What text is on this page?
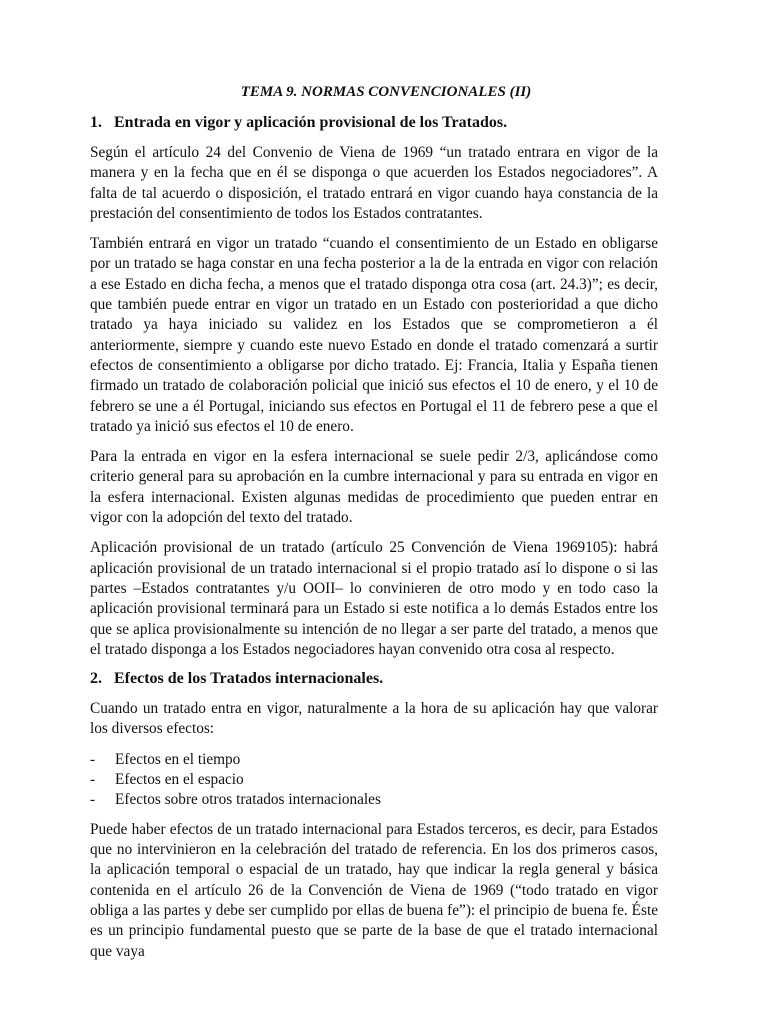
TEMA 9. NORMAS CONVENCIONALES (II)
1. Entrada en vigor y aplicación provisional de los Tratados.

Según el artículo 24 del Convenio de Viena de 1969 “un tratado entrara en vigor de la manera y en la fecha que en él se disponga o que acuerden los Estados negociadores”. A falta de tal acuerdo o disposición, el tratado entrará en vigor cuando haya constancia de la prestación del consentimiento de todos los Estados contratantes.

También entrará en vigor un tratado “cuando el consentimiento de un Estado en obligarse por un tratado se haga constar en una fecha posterior a la de la entrada en vigor con relación a ese Estado en dicha fecha, a menos que el tratado disponga otra cosa (art. 24.3)”; es decir, que también puede entrar en vigor un tratado en un Estado con posterioridad a que dicho tratado ya haya iniciado su validez en los Estados que se comprometieron a él anteriormente, siempre y cuando este nuevo Estado en donde el tratado comenzará a surtir efectos de consentimiento a obligarse por dicho tratado. Ej: Francia, Italia y España tienen firmado un tratado de colaboración policial que inició sus efectos el 10 de enero, y el 10 de febrero se une a él Portugal, iniciando sus efectos en Portugal el 11 de febrero pese a que el tratado ya inició sus efectos el 10 de enero.

Para la entrada en vigor en la esfera internacional se suele pedir 2/3, aplicándose como criterio general para su aprobación en la cumbre internacional y para su entrada en vigor en la esfera internacional. Existen algunas medidas de procedimiento que pueden entrar en vigor con la adopción del texto del tratado.

Aplicación provisional de un tratado (artículo 25 Convención de Viena 1969105): habrá aplicación provisional de un tratado internacional si el propio tratado así lo dispone o si las partes –Estados contratantes y/u OOII– lo convinieren de otro modo y en todo caso la aplicación provisional terminará para un Estado si este notifica a lo demás Estados entre los que se aplica provisionalmente su intención de no llegar a ser parte del tratado, a menos que el tratado disponga a los Estados negociadores hayan convenido otra cosa al respecto.

2. Efectos de los Tratados internacionales.

Cuando un tratado entra en vigor, naturalmente a la hora de su aplicación hay que valorar los diversos efectos:

-	Efectos en el tiempo
-	Efectos en el espacio
-	Efectos sobre otros tratados internacionales

Puede haber efectos de un tratado internacional para Estados terceros, es decir, para Estados que no intervinieron en la celebración del tratado de referencia. En los dos primeros casos, la aplicación temporal o espacial de un tratado, hay que indicar la regla general y básica contenida en el artículo 26 de la Convención de Viena de 1969 (“todo tratado en vigor obliga a las partes y debe ser cumplido por ellas de buena fe”): el principio de buena fe. Éste es un principio fundamental puesto que se parte de la base de que el tratado internacional que vaya
